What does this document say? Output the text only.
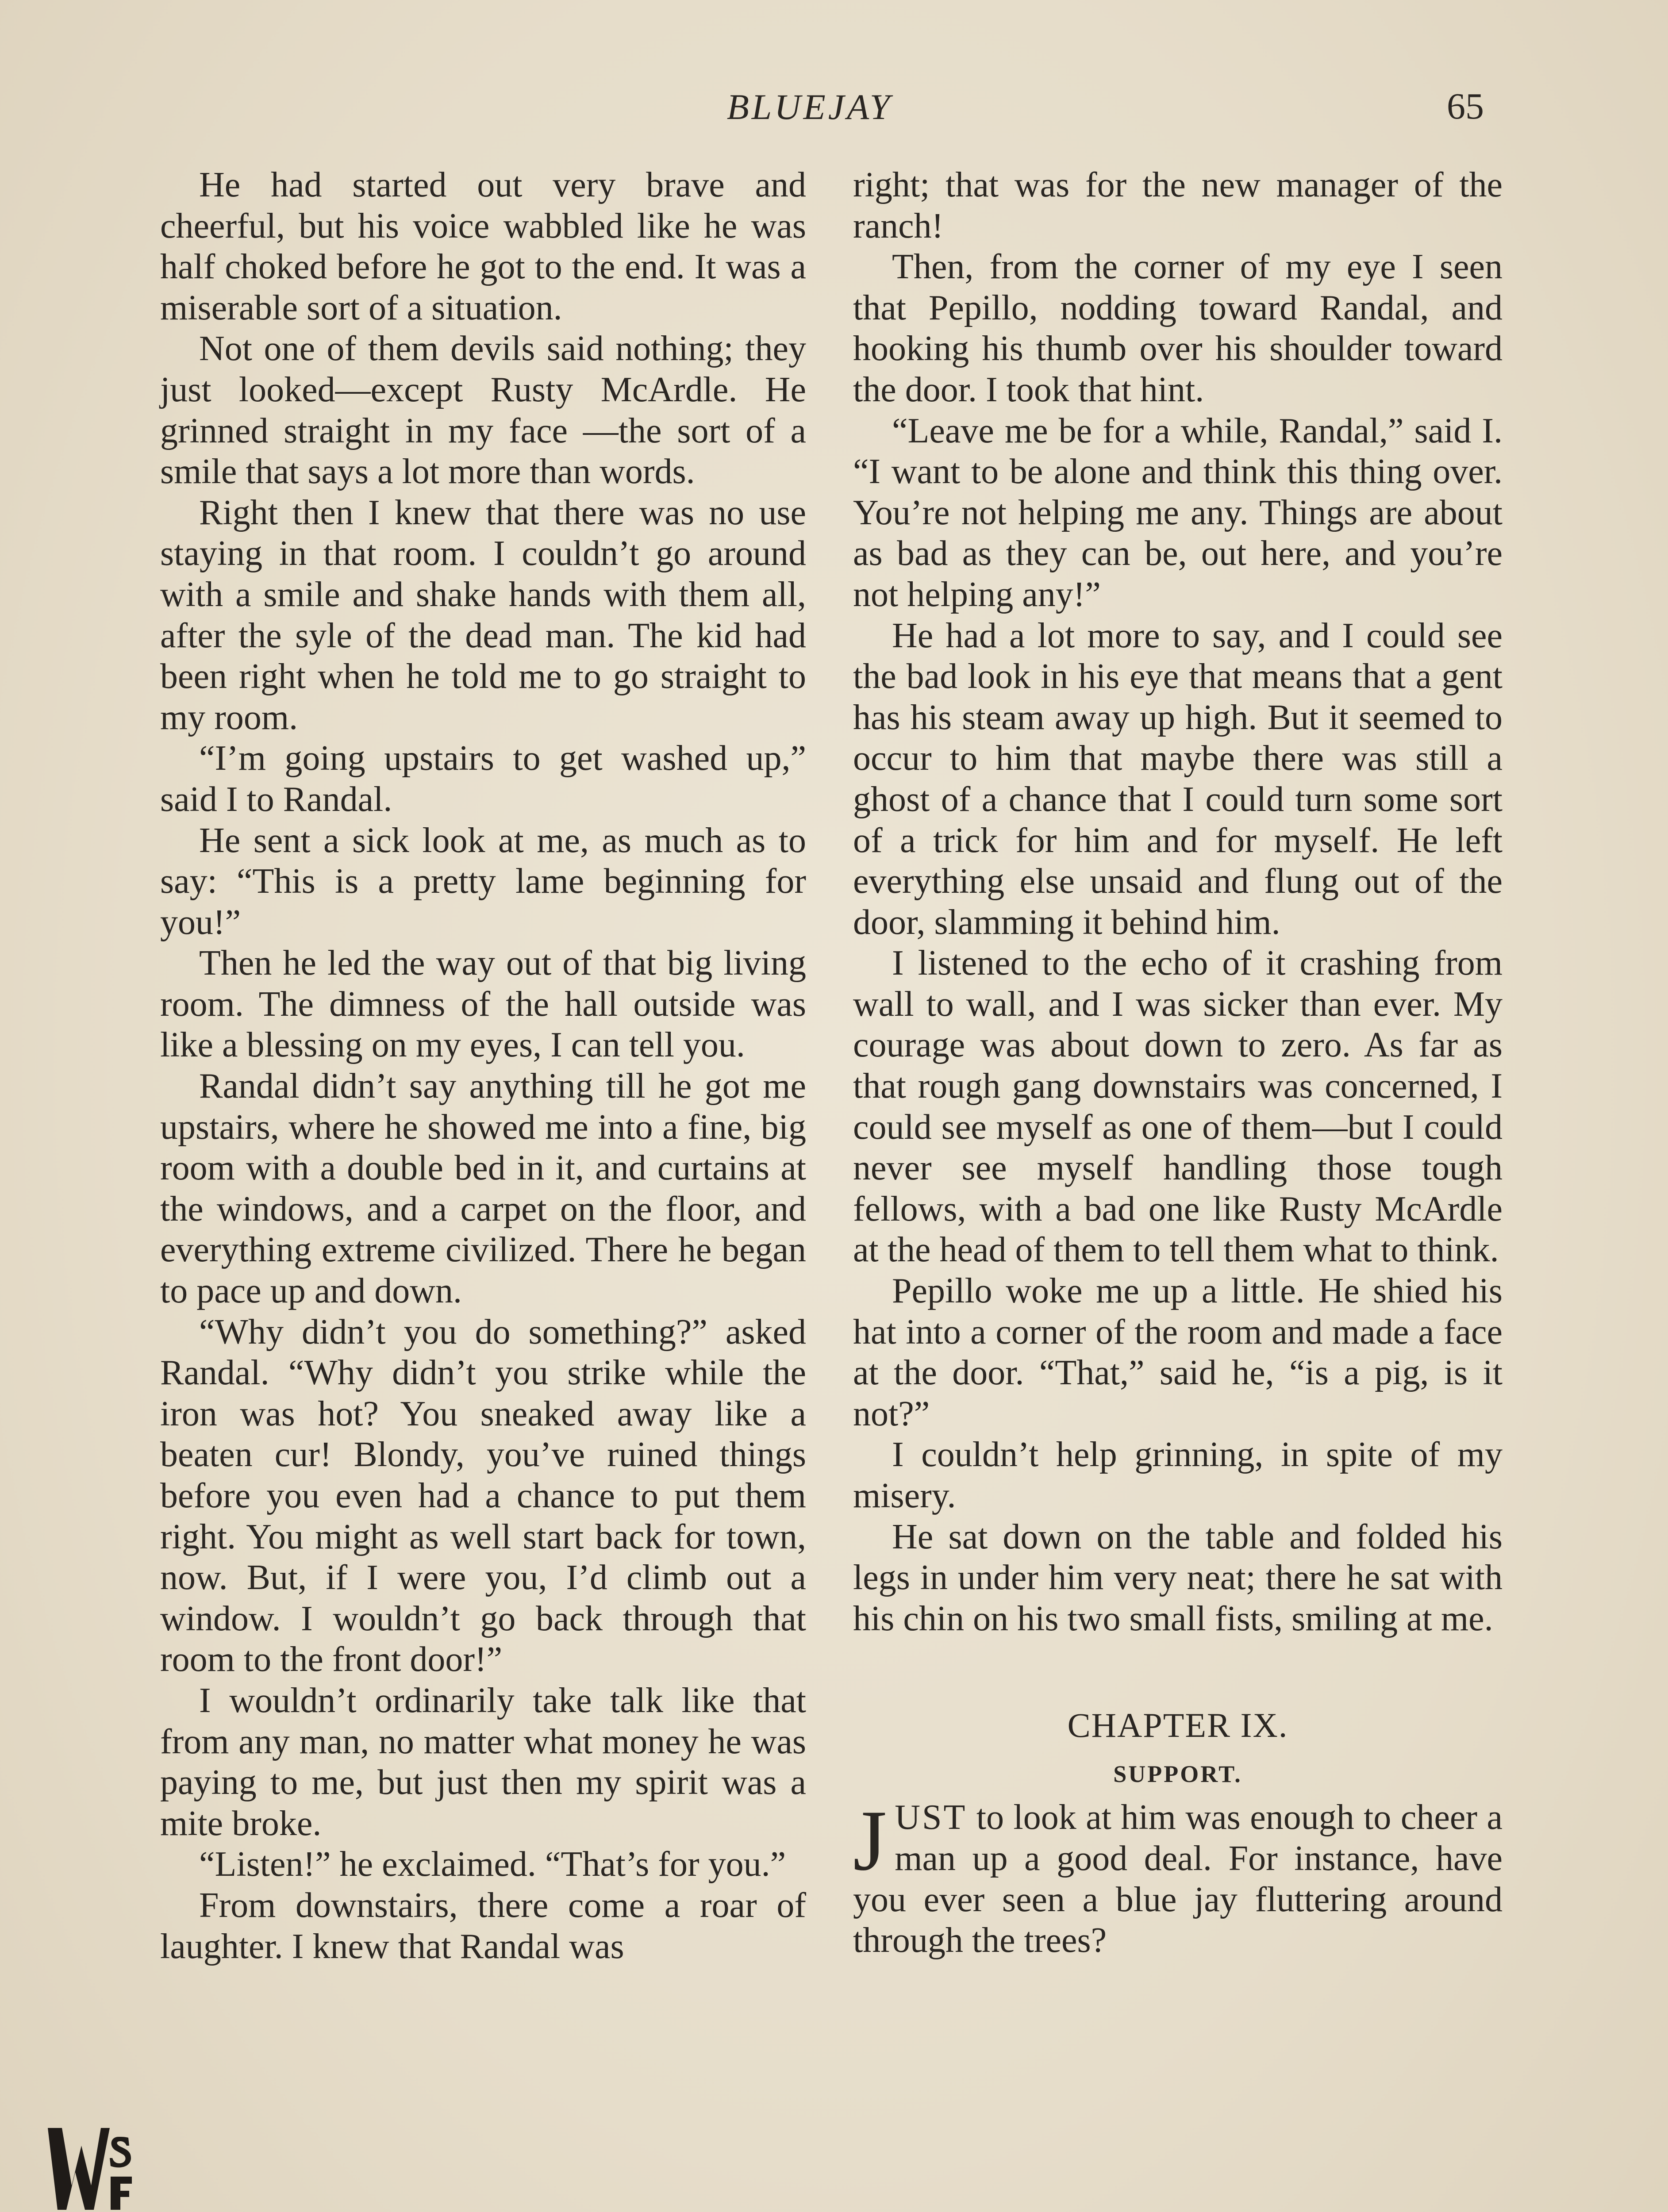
BLUEJAY	65

He had started out very brave and cheerful, but his voice wabbled like he was half choked before he got to the end. It was a miserable sort of a situation.

Not one of them devils said nothing; they just looked—except Rusty McArdle. He grinned straight in my face —the sort of a smile that says a lot more than words.

Right then I knew that there was no use staying in that room. I couldn’t go around with a smile and shake hands with them all, after the syle of the dead man. The kid had been right when he told me to go straight to my room.

“I’m going upstairs to get washed up,” said I to Randal.

He sent a sick look at me, as much as to say: “This is a pretty lame beginning for you!”

Then he led the way out of that big living room. The dimness of the hall outside was like a blessing on my eyes, I can tell you.

Randal didn’t say anything till he got me upstairs, where he showed me into a fine, big room with a double bed in it, and curtains at the windows, and a carpet on the floor, and everything extreme civilized. There he began to pace up and down.

“Why didn’t you do something?” asked Randal. “Why didn’t you strike while the iron was hot? You sneaked away like a beaten cur! Blondy, you’ve ruined things before you even had a chance to put them right. You might as well start back for town, now. But, if I were you, I’d climb out a window. I wouldn’t go back through that room to the front door!”

I wouldn’t ordinarily take talk like that from any man, no matter what money he was paying to me, but just then my spirit was a mite broke.

“Listen!” he exclaimed. “That’s for you.”

From downstairs, there come a roar of laughter. I knew that Randal was

right; that was for the new manager of the ranch!

Then, from the corner of my eye I seen that Pepillo, nodding toward Randal, and hooking his thumb over his shoulder toward the door. I took that hint.

“Leave me be for a while, Randal,” said I. “I want to be alone and think this thing over. You’re not helping me any. Things are about as bad as they can be, out here, and you’re not helping any!”

He had a lot more to say, and I could see the bad look in his eye that means that a gent has his steam away up high. But it seemed to occur to him that maybe there was still a ghost of a chance that I could turn some sort of a trick for him and for myself. He left everything else unsaid and flung out of the door, slamming it behind him.

I listened to the echo of it crashing from wall to wall, and I was sicker than ever. My courage was about down to zero. As far as that rough gang downstairs was concerned, I could see myself as one of them—but I could never see myself handling those tough fellows, with a bad one like Rusty McArdle at the head of them to tell them what to think.

Pepillo woke me up a little. He shied his hat into a corner of the room and made a face at the door. “That,” said he, “is a pig, is it not?”

I couldn’t help grinning, in spite of my misery.

He sat down on the table and folded his legs in under him very neat; there he sat with his chin on his two small fists, smiling at me.

CHAPTER IX.
SUPPORT.

JUST to look at him was enough to cheer a man up a good deal. For instance, have you ever seen a blue jay fluttering around through the trees?
